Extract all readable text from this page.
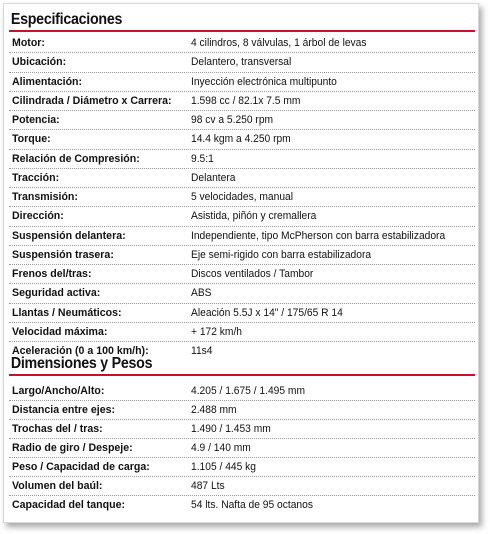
Especificaciones
Motor:	4 cilindros, 8 válvulas, 1 árbol de levas
Ubicación:	Delantero, transversal
Alimentación:	Inyección electrónica multipunto
Cilindrada / Diámetro x Carrera: 1.598 cc / 82.1x 7.5 mm
Potencia:	98 cv a 5.250 rpm
Torque:	14.4 kgm a 4.250 rpm
Relación de Compresión:	9.5:1
Tracción:	Delantera
Transmisión:	5 velocidades, manual
Dirección:	Asistida, piñón y cremallera
Suspensión delantera:	Independiente, tipo McPherson con barra estabilizadora
Suspensión trasera:	Eje semi-rigido con barra estabilizadora
Frenos del/tras:	Discos ventilados / Tambor
Seguridad activa:	ABS
Llantas / Neumáticos:	Aleación 5.5J x 14" / 175/65 R 14
Velocidad máxima:	+ 172 km/h
Aceleración (0 a 100 km/h):	11s4
Dimensiones y Pesos
Largo/Ancho/Alto:	4.205 / 1.675 / 1.495 mm
Distancia entre ejes:	2.488 mm
Trochas del / tras:	1.490 / 1.453 mm
Radio de giro / Despeje:	4.9 / 140 mm
Peso / Capacidad de carga:	1.105 / 445 kg
Volumen del baúl:	487 Lts
Capacidad del tanque:	54 lts. Nafta de 95 octanos
